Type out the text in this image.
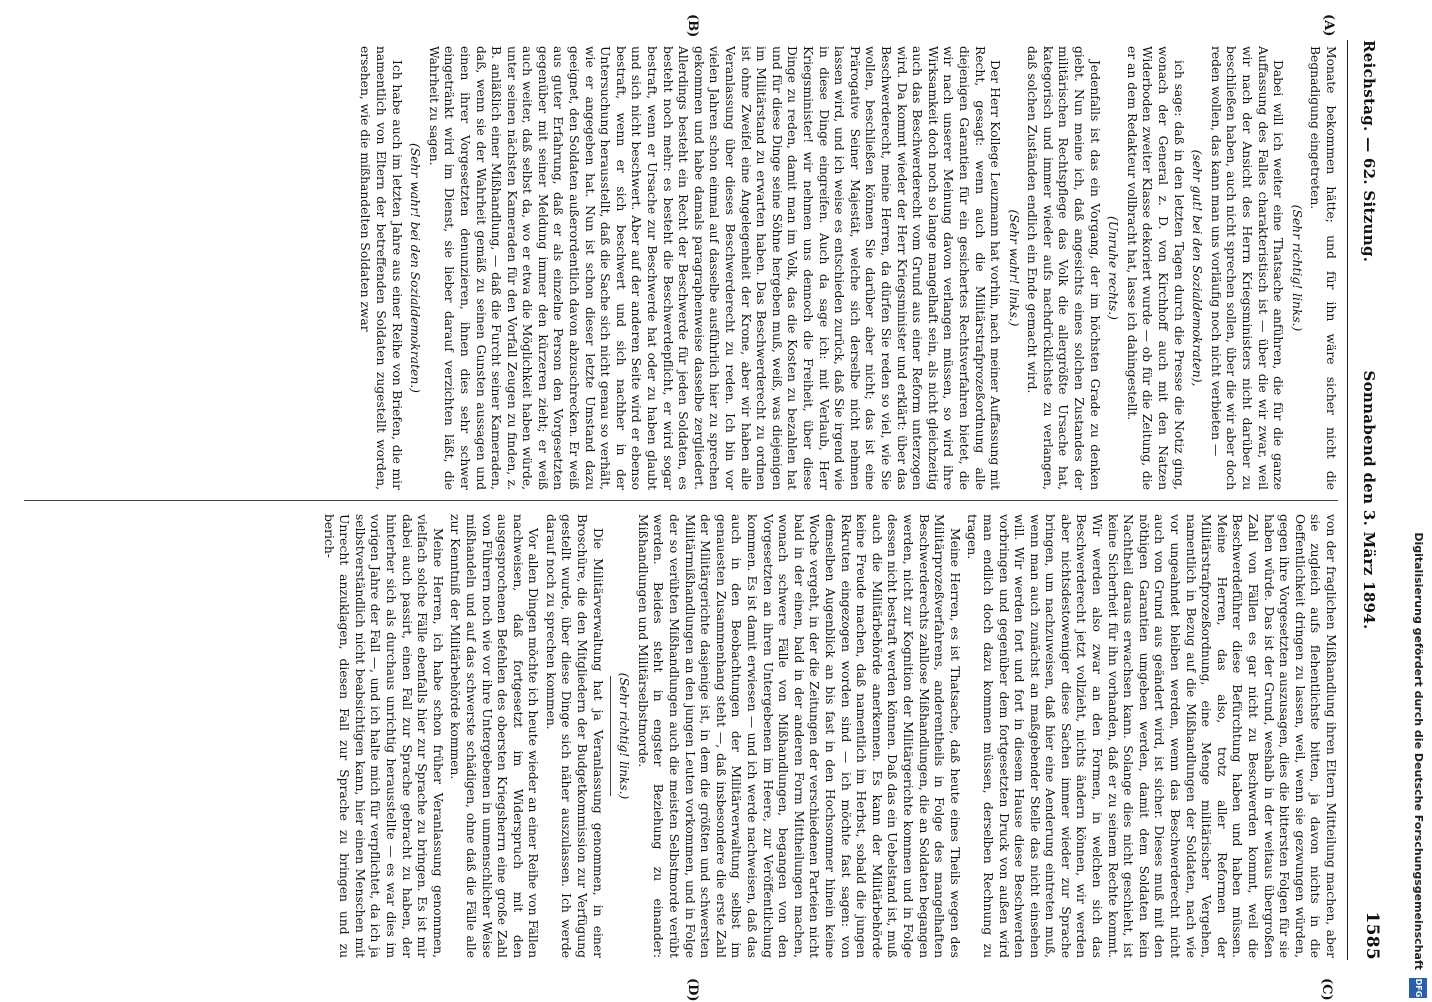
Reichstag. — 62. Sitzung.
Sonnabend den 3. März 1894.
1585
(A)
(B)
(C)
(D)

Monate bekommen hätte; und für ihn wäre sicher nicht die Begnadigung eingetreten.

(Sehr richtig! links.)

Dabei will ich weiter eine Thatsache anführen, die für die ganze Auffassung des Falles charakteristisch ist — über die wir zwar, weil wir nach der Ansicht des Herrn Kriegsministers nicht darüber zu beschließen haben, auch nicht sprechen sollen, über die wir aber doch reden wollen, das kann man uns vorläufig noch nicht verbieten —

(sehr gut! bei den Sozialdemokraten),

ich sage: daß in den letzten Tagen durch die Presse die Notiz ging, wonach der General z. D. von Kirchhoff auch mit den Natzen Widerboden zweiter Klasse dekoriert wurde — ob für die Zeitung, die er an dem Redakteur vollbracht hat, lasse ich dahingestellt.

(Unruhe rechts.)

Jedenfalls ist das ein Vorgang, der im höchsten Grade zu denken giebt. Nun meine ich, daß angesichts eines solchen Zustandes der militärischen Rechtspflege das Volk die allergrößte Ursache hat, kategorisch und immer wieder aufs nachdrücklichste zu verlangen, daß solchen Zuständen endlich ein Ende gemacht wird.

(Sehr wahr! links.)

Der Herr Kollege Leuzmann hat vorhin, nach meiner Auffassung mit Recht, gesagt: wenn auch die Militärstrafprozeßordnung alle diejenigen Garantien für ein gesichertes Rechtsverfahren bietet, die wir nach unserer Meinung davon verlangen müssen, so wird ihre Wirksamkeit doch noch so lange mangelhaft sein, als nicht gleichzeitig auch das Beschwerderecht vom Grund aus einer Reform unterzogen wird. Da kommt wieder der Herr Kriegsminister und erklärt: über das Beschwerderecht, meine Herren, da dürfen Sie reden so viel, wie Sie wollen, beschließen können Sie darüber aber nicht; das ist eine Prärogative Seiner Majestät, welche sich derselbe nicht nehmen lassen wird, und ich weise es entschieden zurück, daß Sie irgend wie in diese Dinge eingreifen. Auch da sage ich: mit Verlaub, Herr Kriegsminister! wir nehmen uns dennoch die Freiheit, über diese Dinge zu reden, damit man im Volk, das die Kosten zu bezahlen hat und für diese Dinge seine Söhne hergeben muß, weiß, was diejenigen im Militärstand zu erwarten haben. Das Beschwerderecht zu ordnen ist ohne Zweifel eine Angelegenheit der Krone, aber wir haben alle Veranlassung über dieses Beschwerderecht zu reden. Ich bin vor vielen Jahren schon einmal auf dasselbe ausführlich hier zu sprechen gekommen und habe damals paragraphenweise dasselbe zergliedert. Allerdings besteht ein Recht der Beschwerde für jeden Soldaten, es besteht noch mehr: es besteht die Beschwerdepflicht, er wird sogar bestraft, wenn er Ursache zur Beschwerde hat oder zu haben glaubt und sich nicht beschwert. Aber auf der anderen Seite wird er ebenso bestraft, wenn er sich beschwert und sich nachher in der Untersuchung herausstellt, daß die Sache sich nicht genau so verhält, wie er angegeben hat. Nun ist schon dieser letzte Umstand dazu geeignet, den Soldaten außerordentlich davon abzuschrecken. Er weiß aus guter Erfahrung, daß er als einzelne Person den Vorgesetzten gegenüber mit seiner Meldung immer den kürzeren zieht; er weiß auch weiter, daß selbst da, wo er etwa die Möglichkeit haben würde, unter seinen nächsten Kameraden für den Vorfall Zeugen zu finden, z. B. anläßlich einer Mißhandlung, — daß die Furcht seiner Kameraden, daß, wenn sie der Wahrheit gemäß zu seinen Gunsten aussagen und einen ihrer Vorgesetzten denunzieren, ihnen dies sehr schwer eingetränkt wird im Dienst, sie lieber darauf verzichten läßt, die Wahrheit zu sagen.

(Sehr wahr! bei den Sozialdemokraten.)

Ich habe auch im letzten Jahre aus einer Reihe von Briefen, die mir namentlich von Eltern der betreffenden Soldaten zugestellt worden, ersehen, wie die mißhandelten Soldaten zwar

von der fraglichen Mißhandlung ihren Eltern Mitteilung machen, aber sie zugleich aufs flehentlichste bitten, ja davon nichts in die Oeffentlichkeit dringen zu lassen, weil, wenn sie gezwungen würden, gegen ihre Vorgesetzten auszusagen, dies die bittersten Folgen für sie haben würde. Das ist der Grund, weshalb in der weitaus übergroßen Zahl von Fällen es gar nicht zu Beschwerden kommt, weil die Beschwerdeführer diese Befürchtung haben und haben müssen. Meine Herren, das also, trotz aller Reformen der Militärstrafprozeßordnung, eine Menge militärischer Vergehen, namentlich in Bezug auf die Mißhandlungen der Soldaten, nach wie vor ungeahndet bleiben werden, wenn das Beschwerderecht nicht auch von Grund aus geändert wird, ist sicher. Dieses muß mit den nöthigen Garantien umgeben werden, damit dem Soldaten kein Nachtheil daraus erwachsen kann. Solange dies nicht geschieht, ist keine Sicherheit für ihn vorhanden, daß er zu seinem Rechte kommt. Wir werden also zwar an den Formen, in welchen sich das Beschwerderecht jetzt vollzieht, nichts ändern können, wir werden aber nichtsdestoweniger diese Sachen immer wieder zur Sprache bringen, um nachzuweisen, daß hier eine Aenderung eintreten muß, wenn man auch zunächst an maßgebender Stelle das nicht einsehen will. Wir werden fort und fort in diesem Hause diese Beschwerden vorbringen und gegenüber dem fortgesetzten Druck von außen wird man endlich doch dazu kommen müssen, derselben Rechnung zu tragen.

Meine Herren, es ist Thatsache, daß heute eines Theils wegen des Militärprozeßverfahrens, anderentheils in Folge des mangelhaften Beschwerderechts zahllose Mißhandlungen, die an Soldaten begangen werden, nicht zur Kognition der Militärgerichte kommen und in Folge dessen nicht bestraft werden können. Daß das ein Uebelstand ist, muß auch die Militärbehörde anerkennen. Es kann der Militärbehörde keine Freude machen, daß namentlich im Herbst, sobald die jungen Rekruten eingezogen worden sind — ich möchte fast sagen: von demselben Augenblick an bis fast in den Hochsommer hinein keine Woche vergeht, in der die Zeitungen der verschiedenen Parteien nicht bald in der einen, bald in der anderen Form Mittheilungen machen, wonach schwere Fälle von Mißhandlungen, begangen von den Vorgesetzten an ihren Untergebenen im Heere, zur Veröffentlichung kommen. Es ist damit erwiesen — und ich werde nachweisen, daß das auch in den Beobachtungen der Militärverwaltung selbst im genauesten Zusammenhang steht —, daß insbesondere die erste Zahl der Militärgerichte dasjenige ist, in dem die größten und schwersten Militärmißhandlungen an den jungen Leuten vorkommen, und in Folge der so verübten Mißhandlungen auch die meisten Selbstmorde verübt werden. Beides steht in engster Beziehung zu einander: Mißhandlungen und Militärselbstmorde.

(Sehr richtig! links.)

Die Militärverwaltung hat ja Veranlassung genommen, in einer Broschüre, die den Mitgliedern der Budgetkommission zur Verfügung gestellt wurde, über diese Dinge sich näher auszulassen. Ich werde darauf noch zu sprechen kommen.

Vor allen Dingen möchte ich heute wieder an einer Reihe von Fällen nachweisen, daß fortgesetzt im Widerspruch mit den ausgesprochenen Befehlen des obersten Kriegsherrn eine große Zahl von Führern noch wie vor ihre Untergebenen in unmenschlicher Weise mißhandeln und auf das schwerste schädigen, ohne daß die Fälle alle zur Kenntniß der Militärbehörde kommen.

Meine Herren, ich habe schon früher Veranlassung genommen, vielfach solche Fälle ebenfalls hier zur Sprache zu bringen. Es ist mir dabei auch passirt, einen Fall zur Sprache gebracht zu haben, der hinterher sich als durchaus unrichtig herausstellte — es war dies im vorigen Jahre der Fall —, und ich halte mich für verpflichtet, da ich ja selbstverständlich nicht beabsichtigen kann, hier einen Menschen mit Unrecht anzuklagen, diesen Fall zur Sprache zu bringen und zu berich-	Digitalisierung gefördert durch die Deutsche Forschungsgemeinschaft
DFG
